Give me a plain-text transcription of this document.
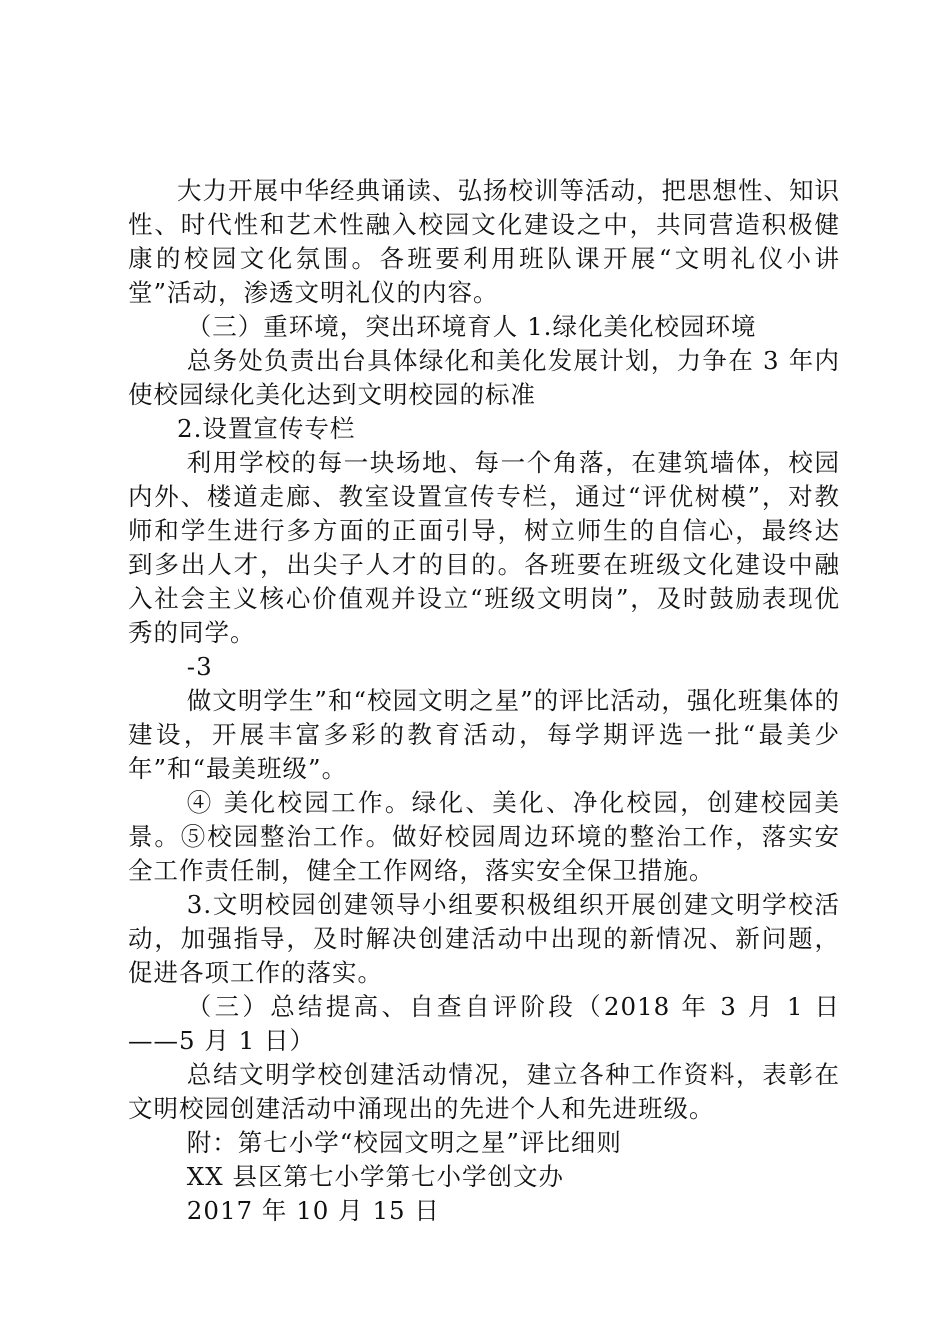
大力开展中华经典诵读、弘扬校训等活动，把思想性、知识性、时代性和艺术性融入校园文化建设之中，共同营造积极健康的校园文化氛围。各班要利用班队课开展“文明礼仪小讲堂”活动，渗透文明礼仪的内容。

（三）重环境，突出环境育人 1.绿化美化校园环境

总务处负责出台具体绿化和美化发展计划，力争在 3 年内使校园绿化美化达到文明校园的标准

2.设置宣传专栏

利用学校的每一块场地、每一个角落，在建筑墙体，校园内外、楼道走廊、教室设置宣传专栏，通过“评优树模”，对教师和学生进行多方面的正面引导，树立师生的自信心，最终达到多出人才，出尖子人才的目的。各班要在班级文化建设中融入社会主义核心价值观并设立“班级文明岗”，及时鼓励表现优秀的同学。

-3

做文明学生”和“校园文明之星”的评比活动，强化班集体的建设，开展丰富多彩的教育活动，每学期评选一批“最美少年”和“最美班级”。

④ 美化校园工作。绿化、美化、净化校园，创建校园美景。⑤校园整治工作。做好校园周边环境的整治工作，落实安全工作责任制，健全工作网络，落实安全保卫措施。

3.文明校园创建领导小组要积极组织开展创建文明学校活动，加强指导，及时解决创建活动中出现的新情况、新问题，促进各项工作的落实。

（三）总结提高、自查自评阶段（2018 年 3 月 1 日——5 月 1 日）

总结文明学校创建活动情况，建立各种工作资料，表彰在文明校园创建活动中涌现出的先进个人和先进班级。

附：第七小学“校园文明之星”评比细则

XX 县区第七小学第七小学创文办

2017 年 10 月 15 日
